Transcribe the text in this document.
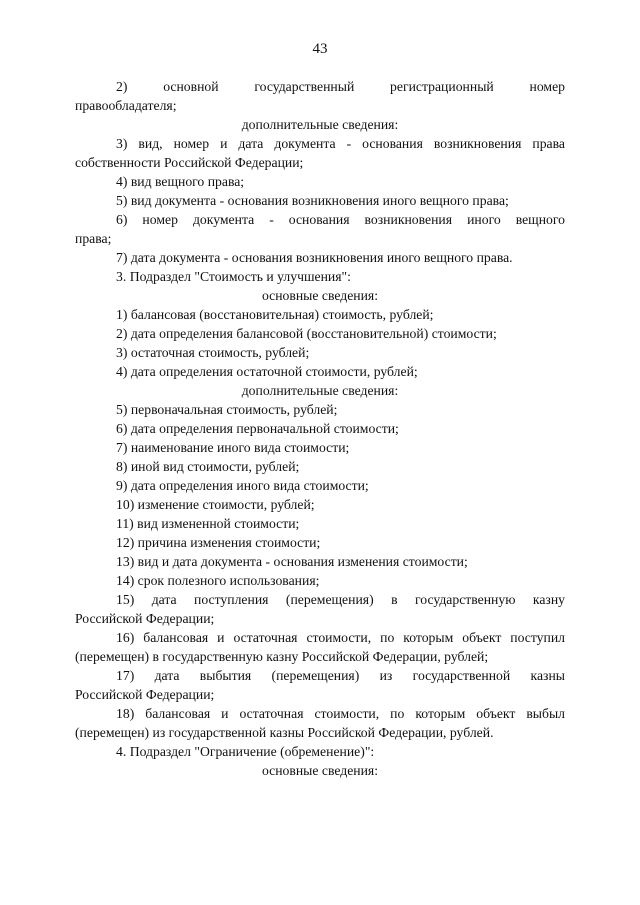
43

2) основной государственный регистрационный номер

правообладателя;

дополнительные сведения:

3) вид, номер и дата документа - основания возникновения права

собственности Российской Федерации;

4) вид вещного права;

5) вид документа - основания возникновения иного вещного права;

6) номер документа - основания возникновения иного вещного

права;

7) дата документа - основания возникновения иного вещного права.

3. Подраздел "Стоимость и улучшения":

основные сведения:

1) балансовая (восстановительная) стоимость, рублей;

2) дата определения балансовой (восстановительной) стоимости;

3) остаточная стоимость, рублей;

4) дата определения остаточной стоимости, рублей;

дополнительные сведения:

5) первоначальная стоимость, рублей;

6) дата определения первоначальной стоимости;

7) наименование иного вида стоимости;

8) иной вид стоимости, рублей;

9) дата определения иного вида стоимости;

10) изменение стоимости, рублей;

11) вид измененной стоимости;

12) причина изменения стоимости;

13) вид и дата документа - основания изменения стоимости;

14) срок полезного использования;

15) дата поступления (перемещения) в государственную казну

Российской Федерации;

16) балансовая и остаточная стоимости, по которым объект поступил

(перемещен) в государственную казну Российской Федерации, рублей;

17) дата выбытия (перемещения) из государственной казны

Российской Федерации;

18) балансовая и остаточная стоимости, по которым объект выбыл

(перемещен) из государственной казны Российской Федерации, рублей.

4. Подраздел "Ограничение (обременение)":

основные сведения:
